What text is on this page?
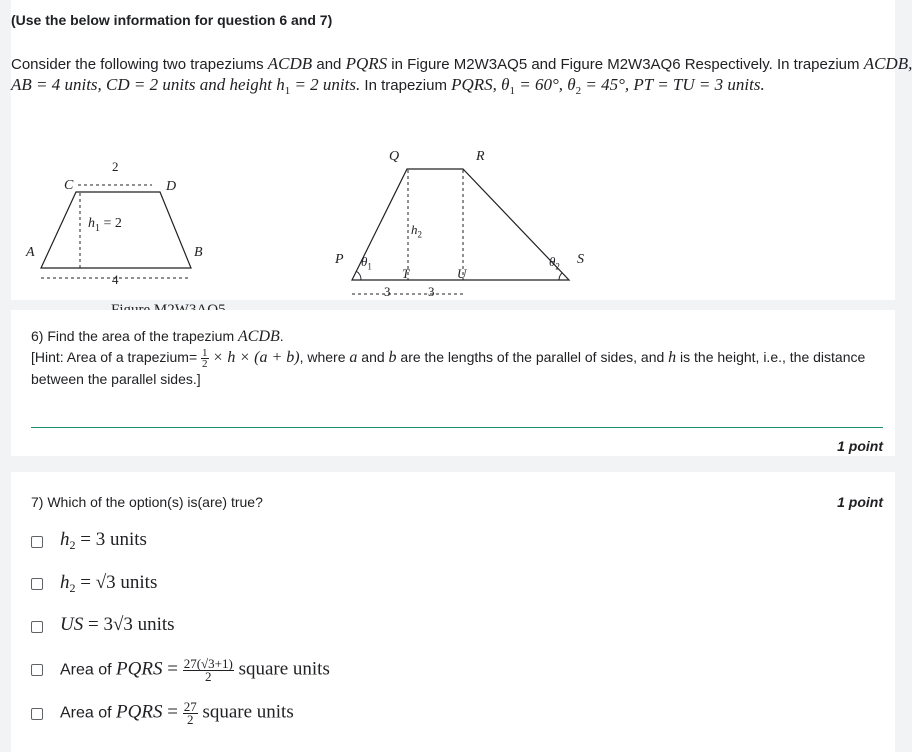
(Use the below information for question 6 and 7)
Consider the following two trapeziums ACDB and PQRS in Figure M2W3AQ5 and Figure M2W3AQ6 Respectively. In trapezium ACDB,
AB = 4 units, CD = 2 units and height $h_1 = 2$ units. In trapezium PQRS, $\theta_1 = 60^\circ$, $\theta_2 = 45^\circ$, PT = TU = 3 units.
C	D
A	B
2
4
$h_1 = 2$
Q	R
P	S
T	U
$\theta_1$	$\theta_2$
$h_2$
3	3
6) Find the area of the trapezium ACDB.
[Hint: Area of a trapezium= $\frac{1}{2} \times h \times (a + b)$, where a and b are the lengths of the parallel of sides, and h is the height, i.e., the distance
between the parallel sides.]
1 point
7) Which of the option(s) is(are) true?	1 point
$h_2 = 3$ units
$h_2 = √3$ units
US = 3√3 units
Area of PQRS = $\frac{27(√3+1)}{2}$ square units
Area of PQRS = $\frac{27}{2}$ square units
